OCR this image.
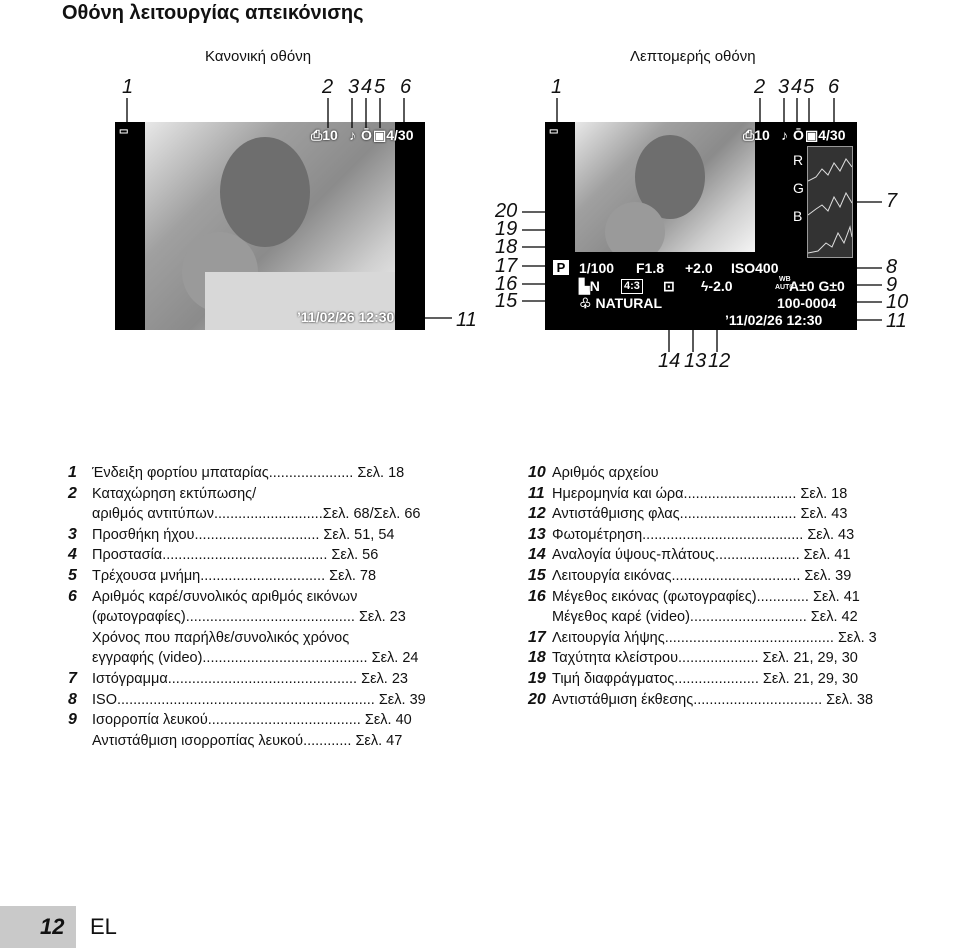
Οθόνη λειτουργίας απεικόνισης
Κανονική οθόνη
1	2 3 4 5 6
11
▭	⎙10 ♪ Ō ▣4/30
’11/02/26 12:30
Λεπτομερής οθόνη
1	2 3 4 5 6
20
19
18
17
16
15
7
8
9
10
11
14 13 12
▭	⎙10 ♪ Ō ▣4/30
R
G
B
P 1/100 F1.8 +2.0 ISO400
▙N 4:3 ⊡ ϟ-2.0	WB
AUTO
A±0 G±0
♧ NATURAL	100-0004
’11/02/26 12:30
1 Ένδειξη φορτίου μπαταρίας..................... Σελ. 18
2 Καταχώρηση εκτύπωσης/
αριθμός αντιτύπων...........................Σελ. 68/Σελ. 66
3 Προσθήκη ήχου............................... Σελ. 51, 54
4 Προστασία......................................... Σελ. 56
5 Τρέχουσα μνήμη............................... Σελ. 78
6 Αριθμός καρέ/συνολικός αριθμός εικόνων
(φωτογραφίες).......................................... Σελ. 23
Χρόνος που παρήλθε/συνολικός χρόνος
εγγραφής (video)......................................... Σελ. 24
7 Ιστόγραμμα............................................... Σελ. 23
8 ISO................................................................ Σελ. 39
9 Ισορροπία λευκού...................................... Σελ. 40
Αντιστάθμιση ισορροπίας λευκού............ Σελ. 47
10 Αριθμός αρχείου
11 Ημερομηνία και ώρα............................ Σελ. 18
12 Αντιστάθμισης φλας............................. Σελ. 43
13 Φωτομέτρηση........................................ Σελ. 43
14 Αναλογία ύψους-πλάτους..................... Σελ. 41
15 Λειτουργία εικόνας................................ Σελ. 39
16 Μέγεθος εικόνας (φωτογραφίες)............. Σελ. 41
Μέγεθος καρέ (video)............................. Σελ. 42
17 Λειτουργία λήψης.......................................... Σελ. 3
18 Ταχύτητα κλείστρου.................... Σελ. 21, 29, 30
19 Τιμή διαφράγματος..................... Σελ. 21, 29, 30
20 Αντιστάθμιση έκθεσης................................ Σελ. 38
12 EL
